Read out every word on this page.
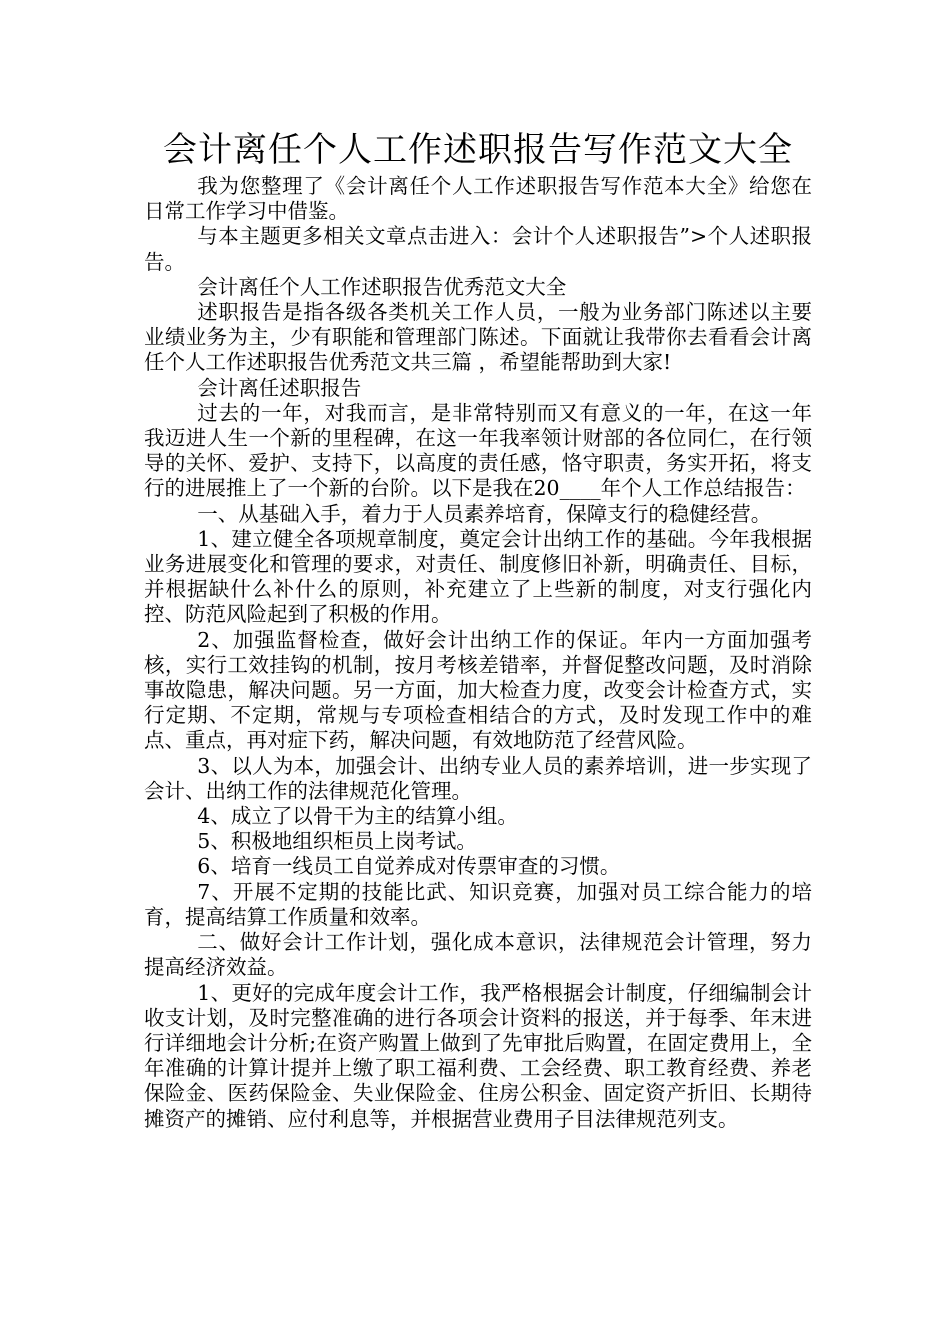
会计离任个人工作述职报告写作范文大全

我为您整理了《会计离任个人工作述职报告写作范本大全》给您在日常工作学习中借鉴。

与本主题更多相关文章点击进入：会计个人述职报告”>个人述职报告。

会计离任个人工作述职报告优秀范文大全

述职报告是指各级各类机关工作人员，一般为业务部门陈述以主要业绩业务为主，少有职能和管理部门陈述。下面就让我带你去看看会计离任个人工作述职报告优秀范文共三篇 ，希望能帮助到大家!

会计离任述职报告

过去的一年，对我而言，是非常特别而又有意义的一年，在这一年我迈进人生一个新的里程碑，在这一年我率领计财部的各位同仁，在行领导的关怀、爱护、支持下，以高度的责任感，恪守职责，务实开拓，将支行的进展推上了一个新的台阶。以下是我在20____年个人工作总结报告：

一、从基础入手，着力于人员素养培育，保障支行的稳健经营。

1、建立健全各项规章制度，奠定会计出纳工作的基础。今年我根据业务进展变化和管理的要求，对责任、制度修旧补新，明确责任、目标，并根据缺什么补什么的原则，补充建立了上些新的制度，对支行强化内控、防范风险起到了积极的作用。

2、加强监督检查，做好会计出纳工作的保证。年内一方面加强考核，实行工效挂钩的机制，按月考核差错率，并督促整改问题，及时消除事故隐患，解决问题。另一方面，加大检查力度，改变会计检查方式，实行定期、不定期，常规与专项检查相结合的方式，及时发现工作中的难点、重点，再对症下药，解决问题，有效地防范了经营风险。

3、以人为本，加强会计、出纳专业人员的素养培训，进一步实现了会计、出纳工作的法律规范化管理。

4、成立了以骨干为主的结算小组。

5、积极地组织柜员上岗考试。

6、培育一线员工自觉养成对传票审查的习惯。

7、开展不定期的技能比武、知识竞赛，加强对员工综合能力的培育，提高结算工作质量和效率。

二、做好会计工作计划，强化成本意识，法律规范会计管理，努力提高经济效益。

1、更好的完成年度会计工作，我严格根据会计制度，仔细编制会计收支计划，及时完整准确的进行各项会计资料的报送，并于每季、年末进行详细地会计分析;在资产购置上做到了先审批后购置，在固定费用上，全年准确的计算计提并上缴了职工福利费、工会经费、职工教育经费、养老保险金、医药保险金、失业保险金、住房公积金、固定资产折旧、长期待摊资产的摊销、应付利息等，并根据营业费用子目法律规范列支。
